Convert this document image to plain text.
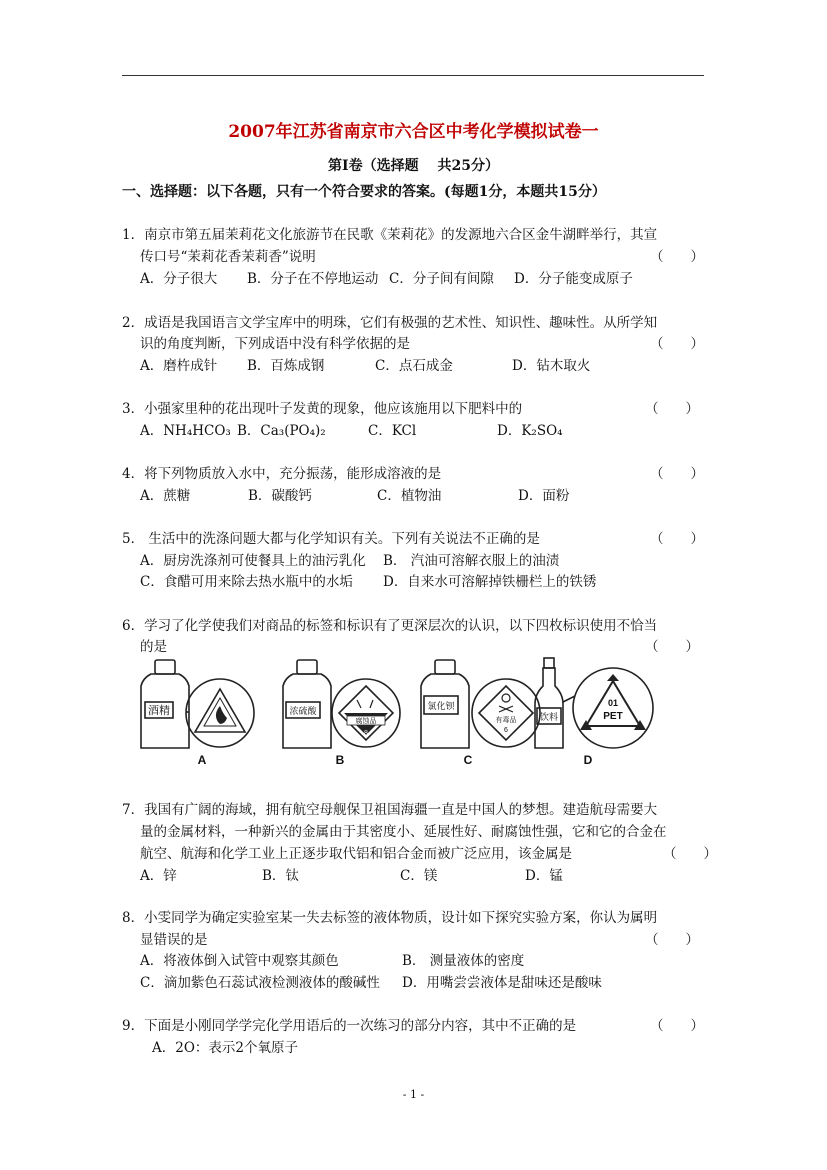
2007年江苏省南京市六合区中考化学模拟试卷一
第Ⅰ卷（选择题　 共25分）
一、选择题：以下各题，只有一个符合要求的答案。(每题1分，本题共15分）
1．南京市第五届茉莉花文化旅游节在民歌《茉莉花》的发源地六合区金牛湖畔举行，其宣
传口号“茉莉花香茉莉香”说明	（　　）
A．分子很大 B．分子在不停地运动 C．分子间有间隙 D．分子能变成原子
2．成语是我国语言文学宝库中的明珠，它们有极强的艺术性、知识性、趣味性。从所学知
识的角度判断，下列成语中没有科学依据的是	（　　）
A．磨杵成针 B．百炼成钢	C．点石成金	D．钻木取火
3．小强家里种的花出现叶子发黄的现象，他应该施用以下肥料中的	（　　）
A．NH₄HCO₃ B．Ca₃(PO₄)₂	C．KCl	D．K₂SO₄
4．将下列物质放入水中，充分振荡，能形成溶液的是	（　　）
A．蔗糖	B．碳酸钙	C．植物油	D．面粉
5． 生活中的洗涤问题大都与化学知识有关。下列有关说法不正确的是	（　　）
A．厨房洗涤剂可使餐具上的油污乳化 B． 汽油可溶解衣服上的油渍
C．食醋可用来除去热水瓶中的水垢 D．自来水可溶解掉铁栅栏上的铁锈
6．学习了化学使我们对商品的标签和标识有了更深层次的认识，以下四枚标识使用不恰当
的是	（　　）
酒精	浓硫酸	氯化钡
饮料
腐蚀品
8
有毒品
6
01
PET
A	B	C	D
7．我国有广阔的海域，拥有航空母舰保卫祖国海疆一直是中国人的梦想。建造航母需要大
量的金属材料，一种新兴的金属由于其密度小、延展性好、耐腐蚀性强，它和它的合金在
航空、航海和化学工业上正逐步取代铝和铝合金而被广泛应用，该金属是	（　　）
A．锌	B．钛	C．镁	D．锰
8．小雯同学为确定实验室某一失去标签的液体物质，设计如下探究实验方案，你认为属明
显错误的是	（　　）
A．将液体倒入试管中观察其颜色	B． 测量液体的密度
C．滴加紫色石蕊试液检测液体的酸碱性 D．用嘴尝尝液体是甜味还是酸味
9．下面是小刚同学学完化学用语后的一次练习的部分内容，其中不正确的是	（　　）
A．2O：表示2个氧原子
- 1 -
